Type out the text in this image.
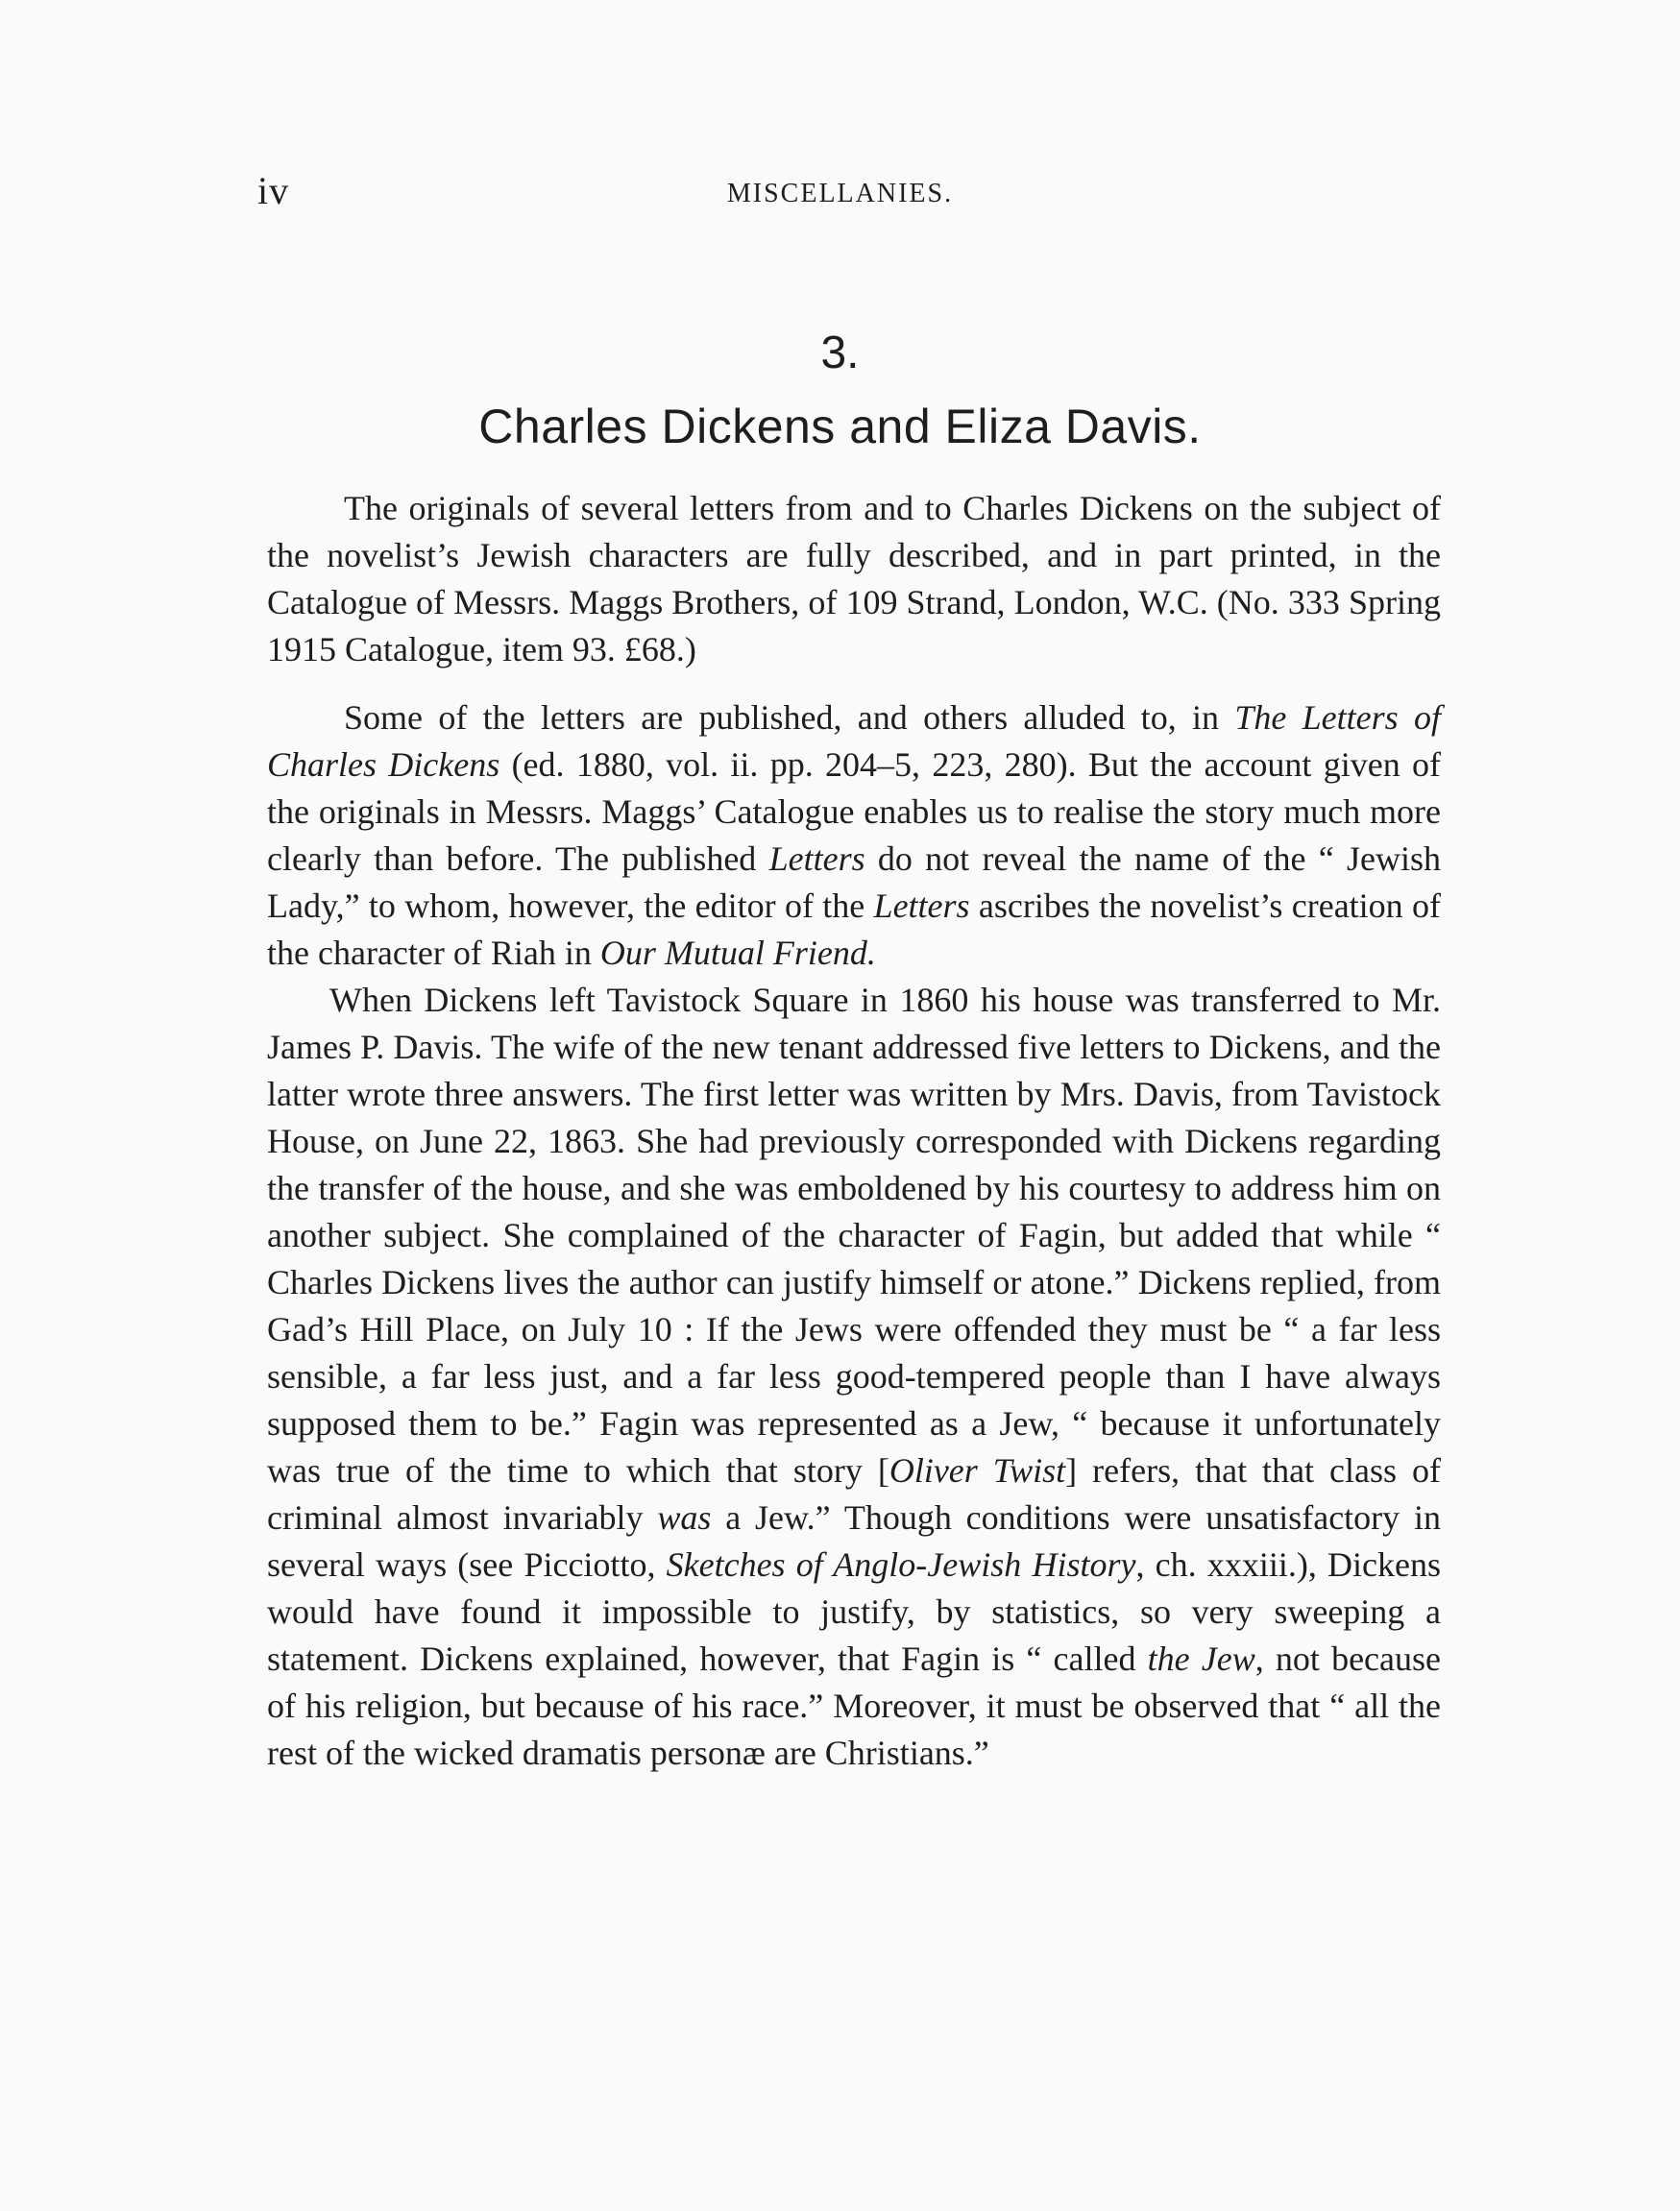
iv	MISCELLANIES.
3.
Charles Dickens and Eliza Davis.

The originals of several letters from and to Charles Dickens on the subject of the novelist’s Jewish characters are fully described, and in part printed, in the Catalogue of Messrs. Maggs Brothers, of 109 Strand, London, W.C. (No. 333 Spring 1915 Catalogue, item 93. £68.)

Some of the letters are published, and others alluded to, in The Letters of Charles Dickens (ed. 1880, vol. ii. pp. 204–5, 223, 280). But the account given of the originals in Messrs. Maggs’ Catalogue enables us to realise the story much more clearly than before. The published Letters do not reveal the name of the “ Jewish Lady,” to whom, however, the editor of the Letters ascribes the novelist’s creation of the character of Riah in Our Mutual Friend.

When Dickens left Tavistock Square in 1860 his house was transferred to Mr. James P. Davis. The wife of the new tenant addressed five letters to Dickens, and the latter wrote three answers. The first letter was written by Mrs. Davis, from Tavistock House, on June 22, 1863. She had previously corresponded with Dickens regarding the transfer of the house, and she was emboldened by his courtesy to address him on another subject. She complained of the character of Fagin, but added that while “ Charles Dickens lives the author can justify himself or atone.” Dickens replied, from Gad’s Hill Place, on July 10 : If the Jews were offended they must be “ a far less sensible, a far less just, and a far less good-tempered people than I have always supposed them to be.” Fagin was represented as a Jew, “ because it unfortunately was true of the time to which that story [Oliver Twist] refers, that that class of criminal almost invariably was a Jew.” Though conditions were unsatisfactory in several ways (see Picciotto, Sketches of Anglo-Jewish History, ch. xxxiii.), Dickens would have found it impossible to justify, by statistics, so very sweeping a statement. Dickens explained, however, that Fagin is “ called the Jew, not because of his religion, but because of his race.” Moreover, it must be observed that “ all the rest of the wicked dramatis personæ are Christians.”
